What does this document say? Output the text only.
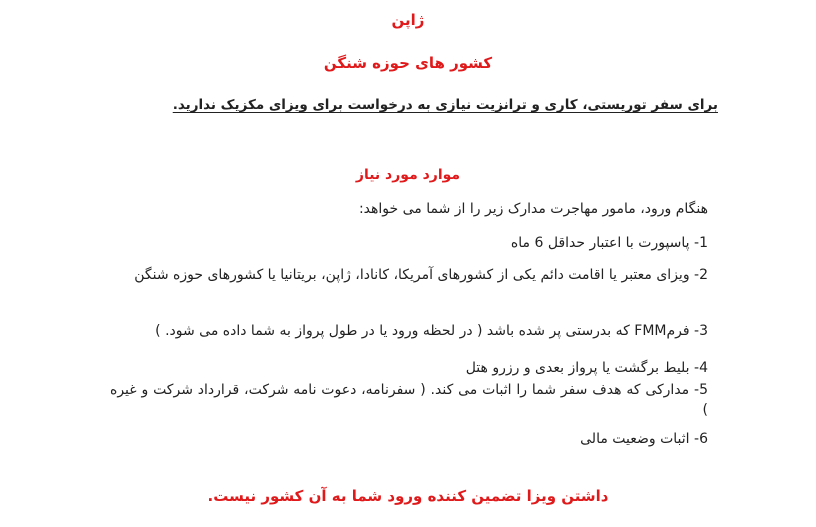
ژاپن

کشور های حوزه شنگن

برای سفر توریستی، کاری و ترانزیت نیازی به درخواست برای ویزای مکزیک ندارید.

موارد مورد نیاز

هنگام ورود، مامور مهاجرت مدارک زیر را از شما می خواهد:

1- پاسپورت با اعتبار حداقل 6 ماه

2- ویزای معتبر یا اقامت دائم یکی از کشورهای آمریکا، کانادا، ژاپن، بریتانیا یا کشورهای حوزه شنگن

3- فرمFMM که بدرستی پر شده باشد ( در لحظه ورود یا در طول پرواز به شما داده می شود. )

4- بلیط برگشت یا پرواز بعدی و رزرو هتل

5- مدارکی که هدف سفر شما را اثبات می کند. ( سفرنامه، دعوت نامه شرکت، قرارداد شرکت و غیره )

6- اثبات وضعیت مالی

داشتن ویزا تضمین کننده ورود شما به آن کشور نیست.
